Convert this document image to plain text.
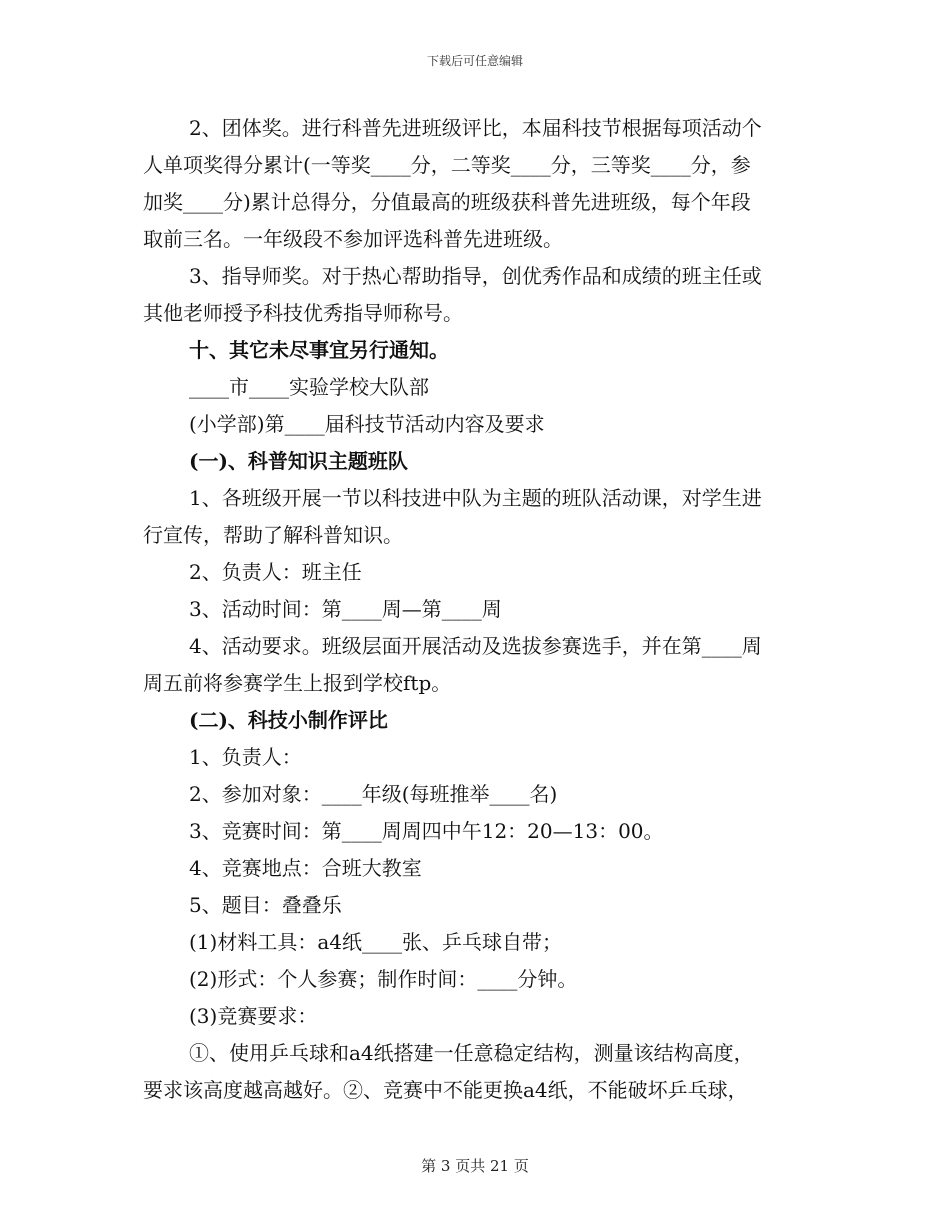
下载后可任意编辑
2、团体奖。进行科普先进班级评比，本届科技节根据每项活动个
人单项奖得分累计(一等奖____分，二等奖____分，三等奖____分，参
加奖____分)累计总得分，分值最高的班级获科普先进班级，每个年段
取前三名。一年级段不参加评选科普先进班级。
3、指导师奖。对于热心帮助指导，创优秀作品和成绩的班主任或
其他老师授予科技优秀指导师称号。
十、其它未尽事宜另行通知。
____市____实验学校大队部
(小学部)第____届科技节活动内容及要求
(一)、科普知识主题班队
1、各班级开展一节以科技进中队为主题的班队活动课，对学生进
行宣传，帮助了解科普知识。
2、负责人：班主任
3、活动时间：第____周—第____周
4、活动要求。班级层面开展活动及选拔参赛选手，并在第____周
周五前将参赛学生上报到学校ftp。
(二)、科技小制作评比
1、负责人：
2、参加对象：____年级(每班推举____名)
3、竞赛时间：第____周周四中午12：20—13：00。
4、竞赛地点：合班大教室
5、题目：叠叠乐
(1)材料工具：a4纸____张、乒乓球自带；
(2)形式：个人参赛；制作时间：____分钟。
(3)竞赛要求：
①、使用乒乓球和a4纸搭建一任意稳定结构，测量该结构高度，
要求该高度越高越好。②、竞赛中不能更换a4纸，不能破坏乒乓球，
第 3 页共 21 页
